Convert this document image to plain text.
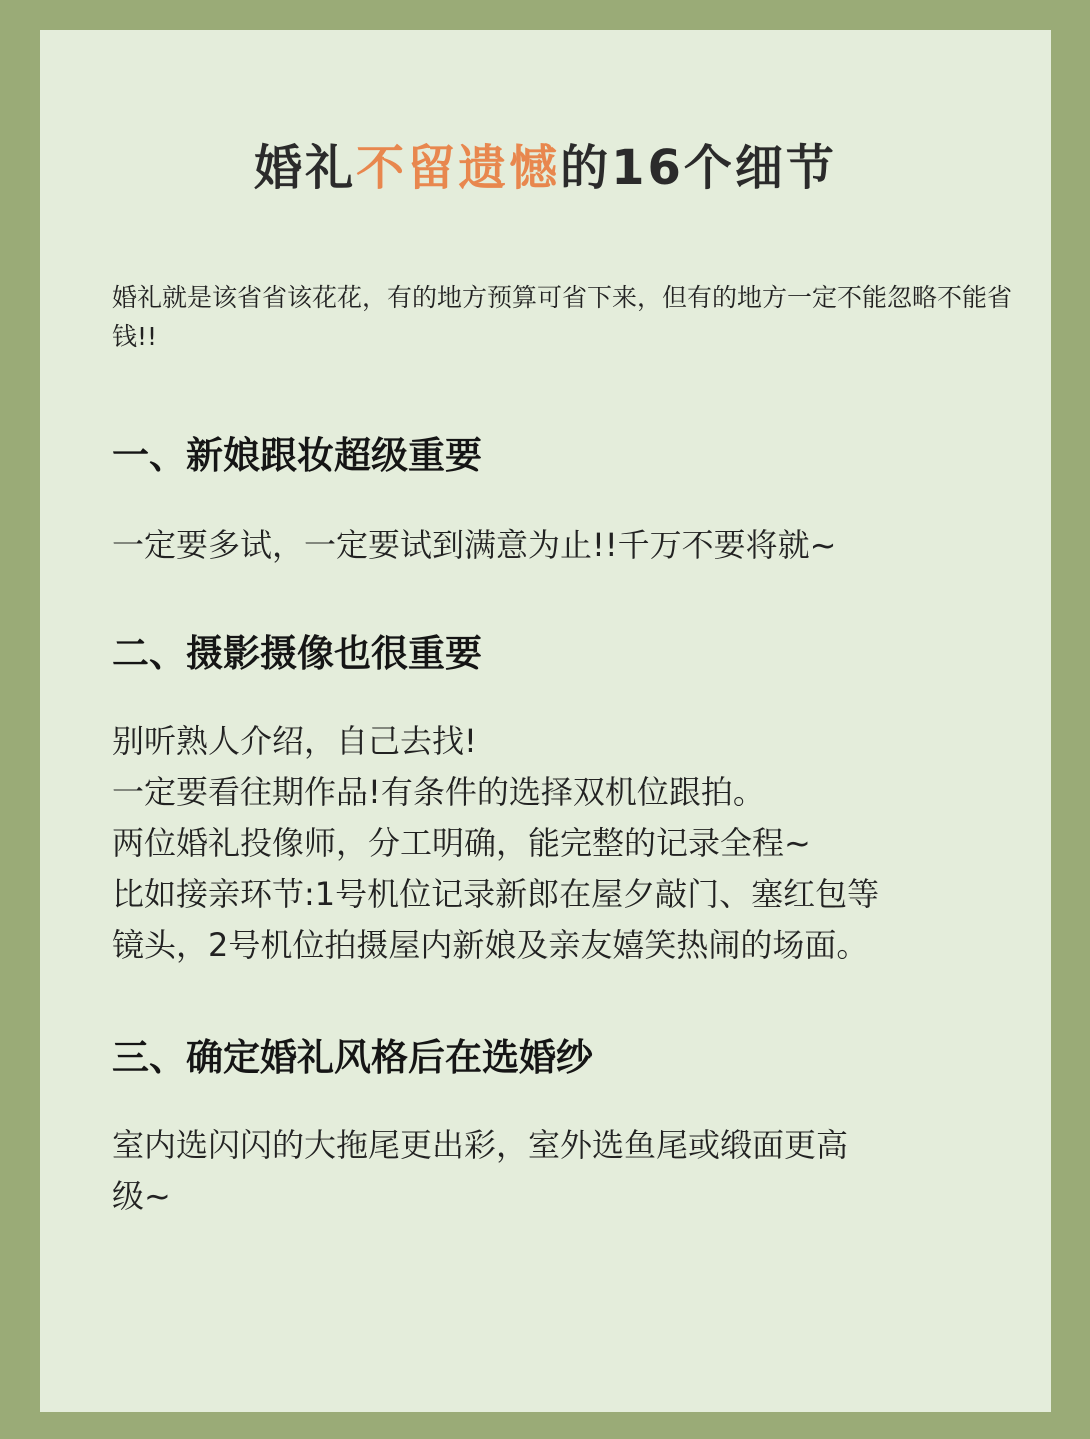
婚礼不留遗憾的16个细节
婚礼就是该省省该花花，有的地方预算可省下来，但有的地方一定不能忽略不能省钱!!
一、新娘跟妆超级重要
一定要多试，一定要试到满意为止!!千万不要将就~
二、摄影摄像也很重要
别听熟人介绍，自己去找!
一定要看往期作品!有条件的选择双机位跟拍。
两位婚礼投像师，分工明确，能完整的记录全程~
比如接亲环节:1号机位记录新郎在屋夕敲门、塞红包等
镜头，2号机位拍摄屋内新娘及亲友嬉笑热闹的场面。
三、确定婚礼风格后在选婚纱
室内选闪闪的大拖尾更出彩，室外选鱼尾或缎面更高
级~
